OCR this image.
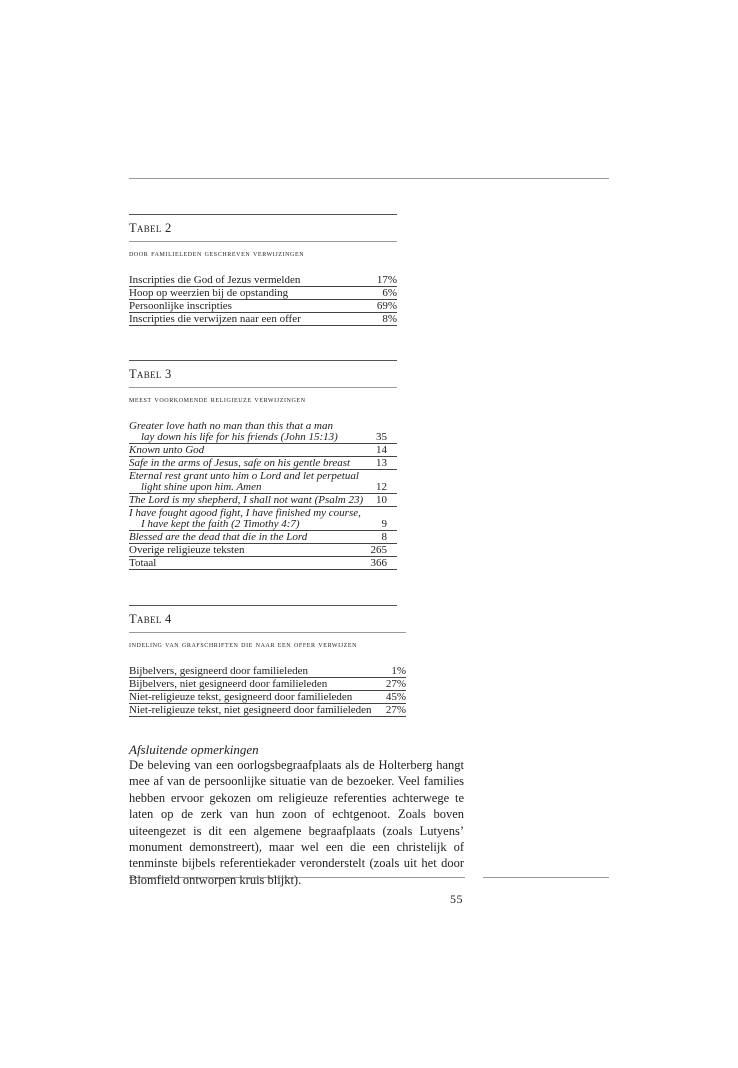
Tabel 2
door familieleden geschreven verwijzingen
Inscripties die God of Jezus vermelden	17%
Hoop op weerzien bij de opstanding	6%
Persoonlijke inscripties	69%
Inscripties die verwijzen naar een offer	8%
Tabel 3
meest voorkomende religieuze verwijzingen
Greater love hath no man than this that a man
lay down his life for his friends (John 15:13)	35
Known unto God	14
Safe in the arms of Jesus, safe on his gentle breast	13
Eternal rest grant unto him o Lord and let perpetual
light shine upon him. Amen	12
The Lord is my shepherd, I shall not want (Psalm 23)	10
I have fought agood fight, I have finished my course,
I have kept the faith (2 Timothy 4:7)	9
Blessed are the dead that die in the Lord	8
Overige religieuze teksten	265
Totaal	366
Tabel 4
indeling van grafschriften die naar een offer verwijzen
Bijbelvers, gesigneerd door familieleden	1%
Bijbelvers, niet gesigneerd door familieleden	27%
Niet-religieuze tekst, gesigneerd door familieleden	45%
Niet-religieuze tekst, niet gesigneerd door familieleden	27%
Afsluitende opmerkingen
De beleving van een oorlogsbegraafplaats als de Holterberg hangt mee af van de persoonlijke situatie van de bezoeker. Veel families hebben ervoor gekozen om religieuze referenties achterwege te laten op de zerk van hun zoon of echtgenoot. Zoals boven uiteengezet is dit een algemene begraafplaats (zoals Lutyens’ monument demonstreert), maar wel een die een christelijk of tenminste bijbels referentiekader veronderstelt (zoals uit het door Blomfield ontworpen kruis blijkt).
55
